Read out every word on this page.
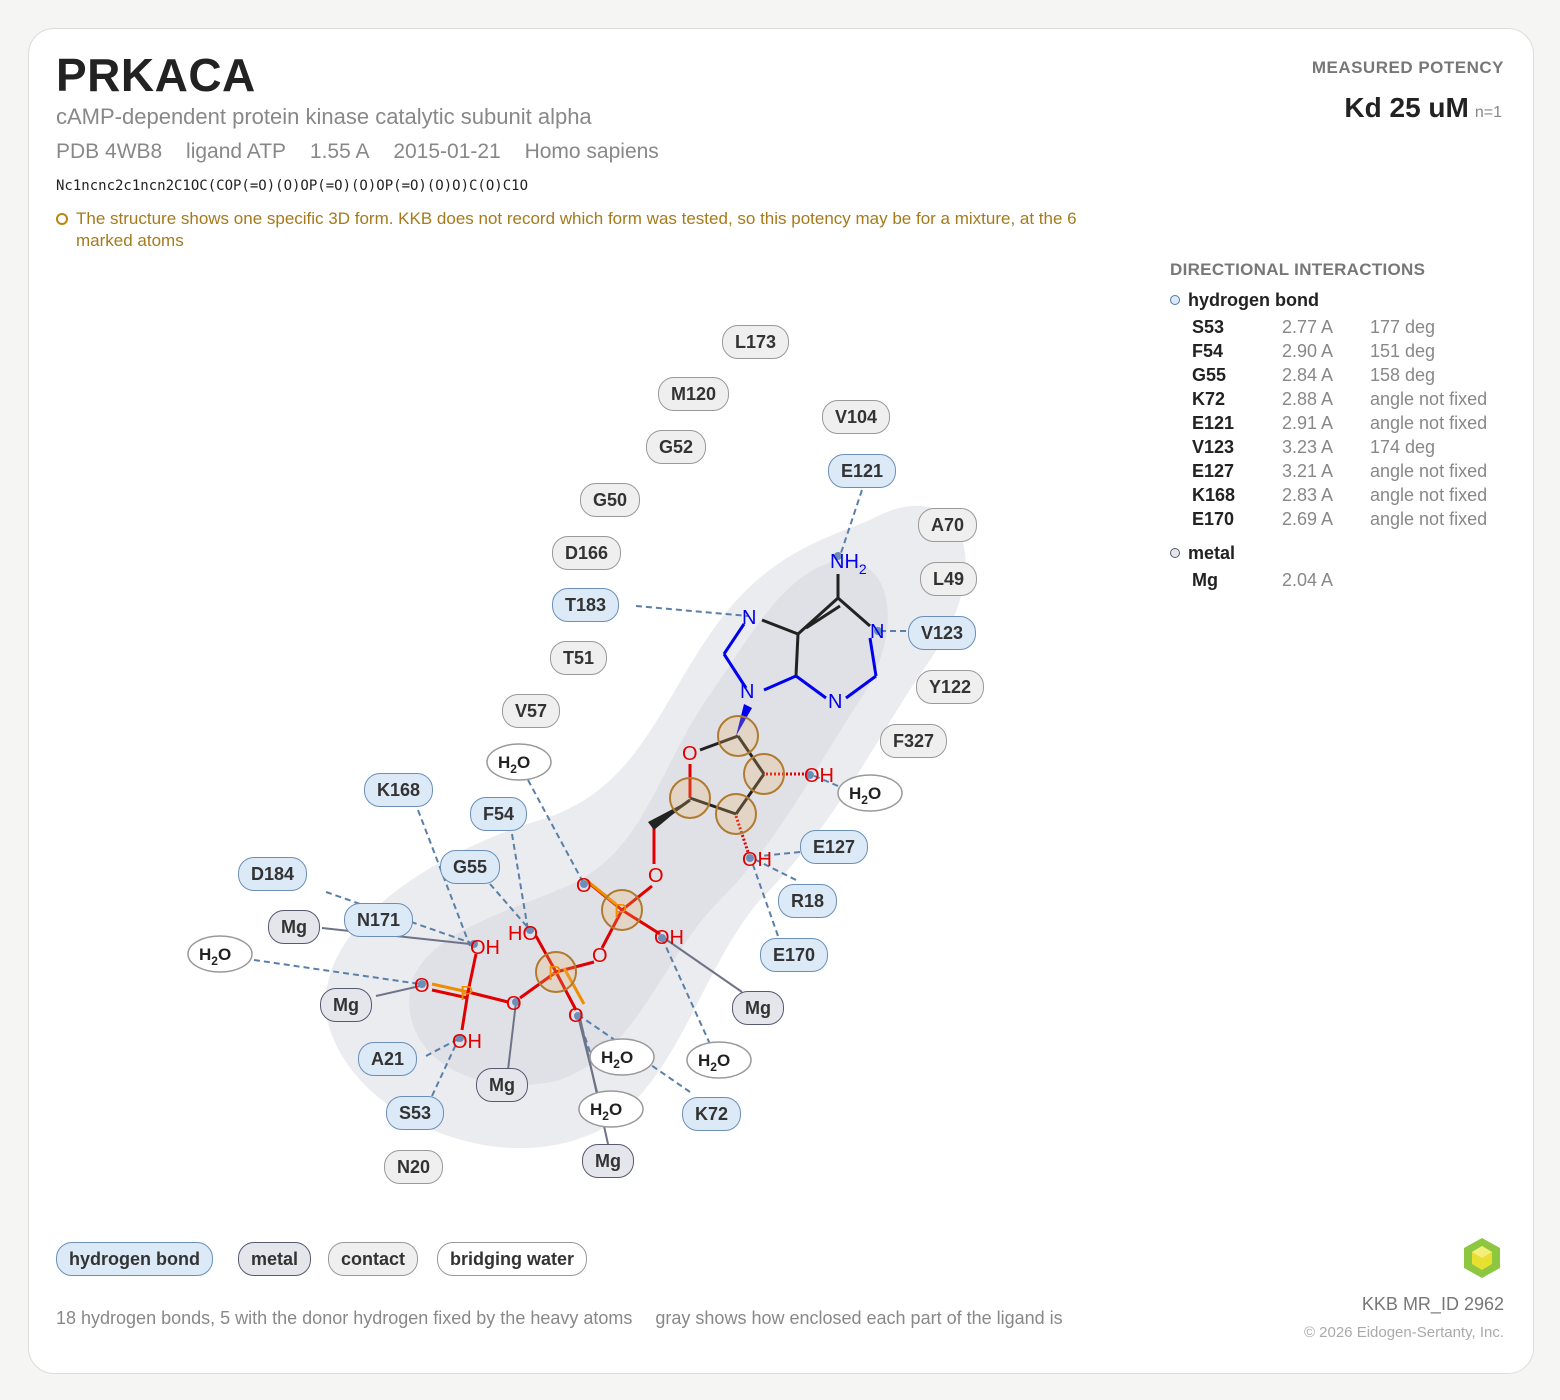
PRKACA
cAMP-dependent protein kinase catalytic subunit alpha
PDB 4WB8 ligand ATP 1.55 A 2015-01-21 Homo sapiens
Nc1ncnc2c1ncn2C1OC(COP(=O)(O)OP(=O)(O)OP(=O)(O)O)C(O)C1O
The structure shows one specific 3D form. KKB does not record which form was tested, so this potency may be for a mixture, at the 6 marked atoms
MEASURED POTENCY
Kd 25 uM n=1
DIRECTIONAL INTERACTIONS
hydrogen bond
S53	2.77 A 177 deg
F54	2.90 A 151 deg
G55	2.84 A 158 deg
K72	2.88 A angle not fixed
E121	2.91 A angle not fixed
V123	3.23 A 174 deg
E127	3.21 A angle not fixed
K168	2.83 A angle not fixed
E170	2.69 A angle not fixed
metal
Mg	2.04 A
$NH_2$
N
N
N	N
O
OH
OH
O
O
P
OH
O
HO
P
O
O
OH
P
O
OH
$H_2O$
$H_2O$
$H_2O$
$H_2O$	$H_2O$
$H_2O$
L173
M120
V104
G52
E121
G50
A70
D166
L49
T183
V123
T51
Y122
V57
F327
K168
F54
E127
D184	G55
R18
N171
E170
A21
K72
S53
N20
Mg
Mg	Mg
Mg
Mg
hydrogen bond	metal	contact	bridging water
18 hydrogen bonds, 5 with the donor hydrogen fixed by the heavy atoms gray shows how enclosed each part of the ligand is
KKB MR_ID 2962
© 2026 Eidogen-Sertanty, Inc.
